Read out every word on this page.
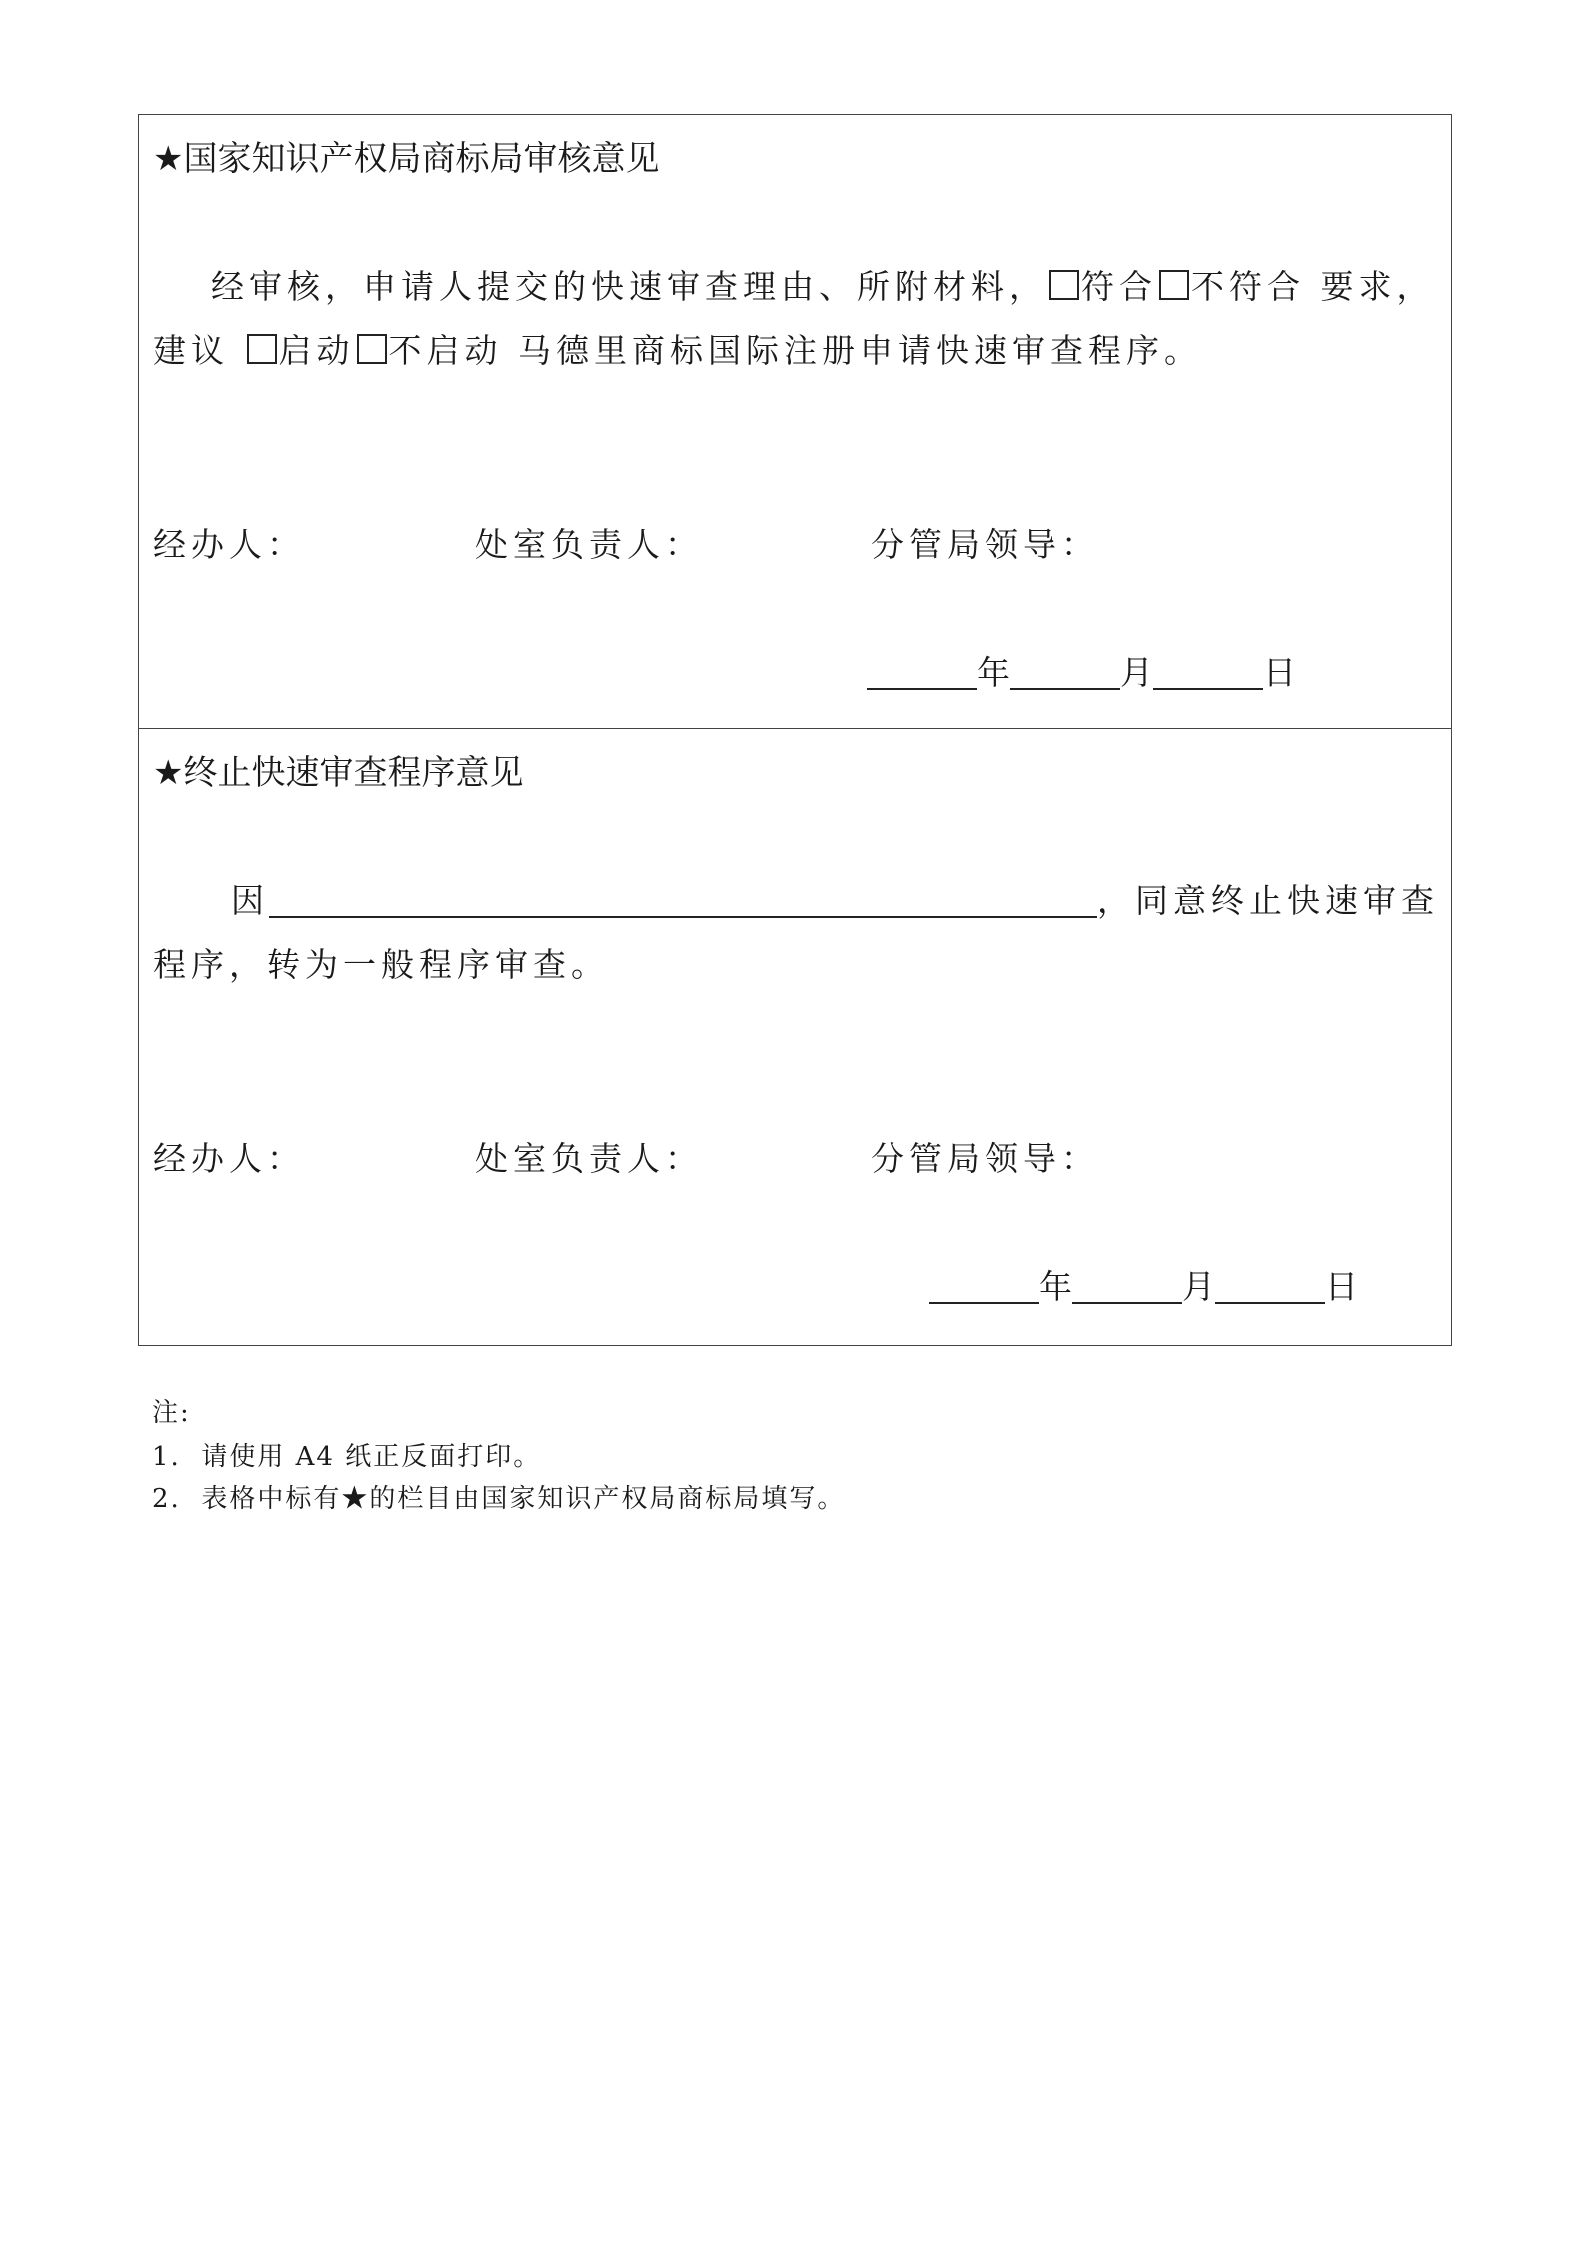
★国家知识产权局商标局审核意见
经审核，申请人提交的快速审查理由、所附材料， 符合 不符合 要求，
建议 启动 不启动 马德里商标国际注册申请快速审查程序。
经办人：	处室负责人：	分管局领导：
年	月	日
★终止快速审查程序意见
因	，同意终止快速审查
程序，转为一般程序审查。
经办人：	处室负责人：	分管局领导：
年	月	日
注:
1. 请使用 A4 纸正反面打印。
2. 表格中标有★的栏目由国家知识产权局商标局填写。
